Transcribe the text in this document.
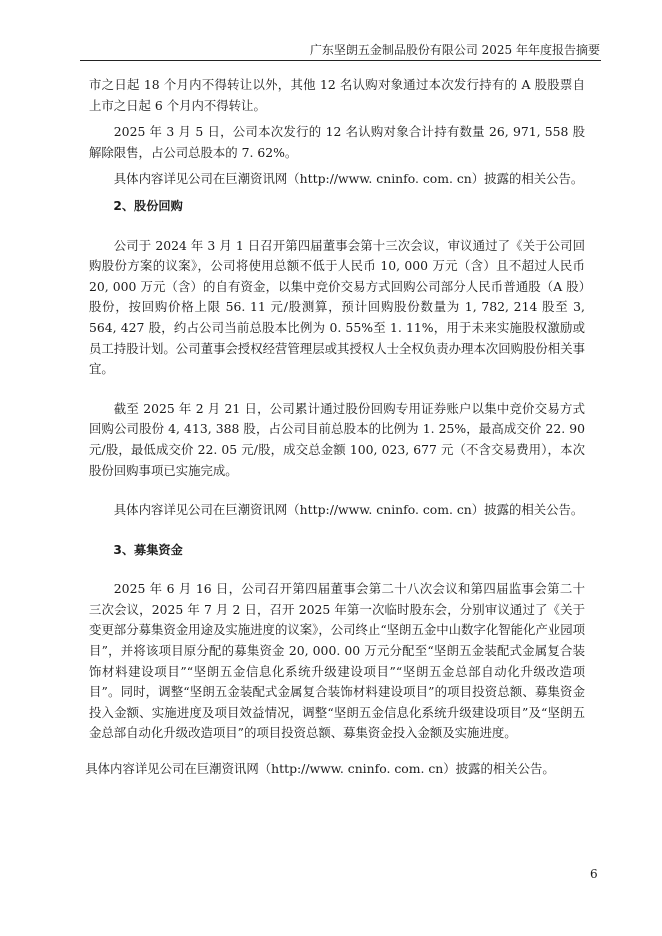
广东坚朗五金制品股份有限公司 2025 年年度报告摘要

市之日起 18 个月内不得转让以外，其他 12 名认购对象通过本次发行持有的 A 股股票自上市之日起 6 个月内不得转让。

2025 年 3 月 5 日，公司本次发行的 12 名认购对象合计持有数量 26, 971, 558 股解除限售，占公司总股本的 7. 62%。

具体内容详见公司在巨潮资讯网（http://www. cninfo. com. cn）披露的相关公告。

2、股份回购

公司于 2024 年 3 月 1 日召开第四届董事会第十三次会议，审议通过了《关于公司回购股份方案的议案》，公司将使用总额不低于人民币 10, 000 万元（含）且不超过人民币 20, 000 万元（含）的自有资金，以集中竞价交易方式回购公司部分人民币普通股（A 股）股份，按回购价格上限 56. 11 元/股测算，预计回购股份数量为 1, 782, 214 股至 3, 564, 427 股，约占公司当前总股本比例为 0. 55%至 1. 11%，用于未来实施股权激励或员工持股计划。公司董事会授权经营管理层或其授权人士全权负责办理本次回购股份相关事宜。

截至 2025 年 2 月 21 日，公司累计通过股份回购专用证券账户以集中竞价交易方式回购公司股份 4, 413, 388 股，占公司目前总股本的比例为 1. 25%，最高成交价 22. 90 元/股，最低成交价 22. 05 元/股，成交总金额 100, 023, 677 元（不含交易费用），本次股份回购事项已实施完成。

具体内容详见公司在巨潮资讯网（http://www. cninfo. com. cn）披露的相关公告。

3、募集资金

2025 年 6 月 16 日，公司召开第四届董事会第二十八次会议和第四届监事会第二十三次会议，2025 年 7 月 2 日，召开 2025 年第一次临时股东会，分别审议通过了《关于变更部分募集资金用途及实施进度的议案》，公司终止“坚朗五金中山数字化智能化产业园项目”，并将该项目原分配的募集资金 20, 000. 00 万元分配至“坚朗五金装配式金属复合装饰材料建设项目”“坚朗五金信息化系统升级建设项目”“坚朗五金总部自动化升级改造项目”。同时，调整“坚朗五金装配式金属复合装饰材料建设项目”的项目投资总额、募集资金投入金额、实施进度及项目效益情况，调整“坚朗五金信息化系统升级建设项目”及“坚朗五金总部自动化升级改造项目”的项目投资总额、募集资金投入金额及实施进度。

具体内容详见公司在巨潮资讯网（http://www. cninfo. com. cn）披露的相关公告。

6
